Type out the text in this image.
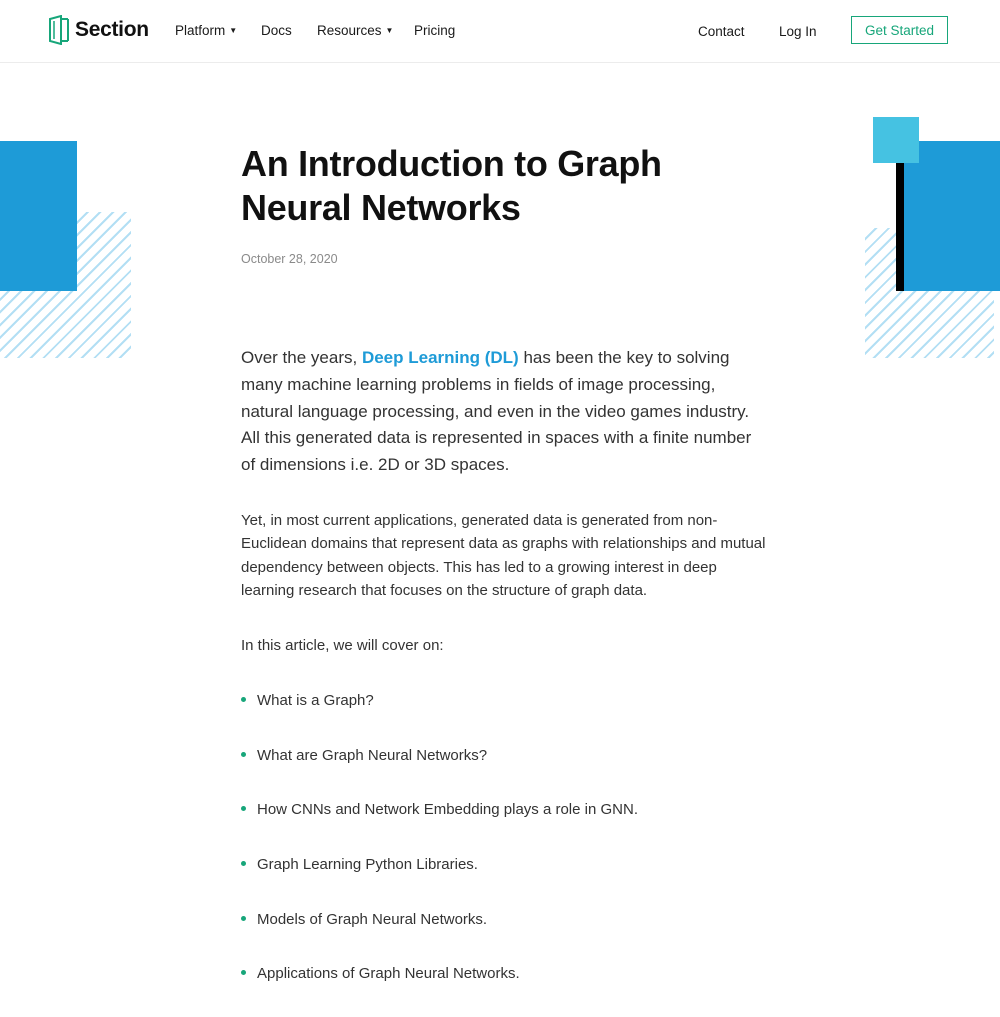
Section Platform ▼ Docs Resources ▼ Pricing	Contact	Log In	Get Started
An Introduction to Graph Neural Networks
October 28, 2020

Over the years, Deep Learning (DL) has been the key to solving many machine learning problems in fields of image processing, natural language processing, and even in the video games industry. All this generated data is represented in spaces with a finite number of dimensions i.e. 2D or 3D spaces.

Yet, in most current applications, generated data is generated from non-Euclidean domains that represent data as graphs with relationships and mutual dependency between objects. This has led to a growing interest in deep learning research that focuses on the structure of graph data.

In this article, we will cover on:

What is a Graph?
What are Graph Neural Networks?
How CNNs and Network Embedding plays a role in GNN.
Graph Learning Python Libraries.
Models of Graph Neural Networks.
Applications of Graph Neural Networks.
